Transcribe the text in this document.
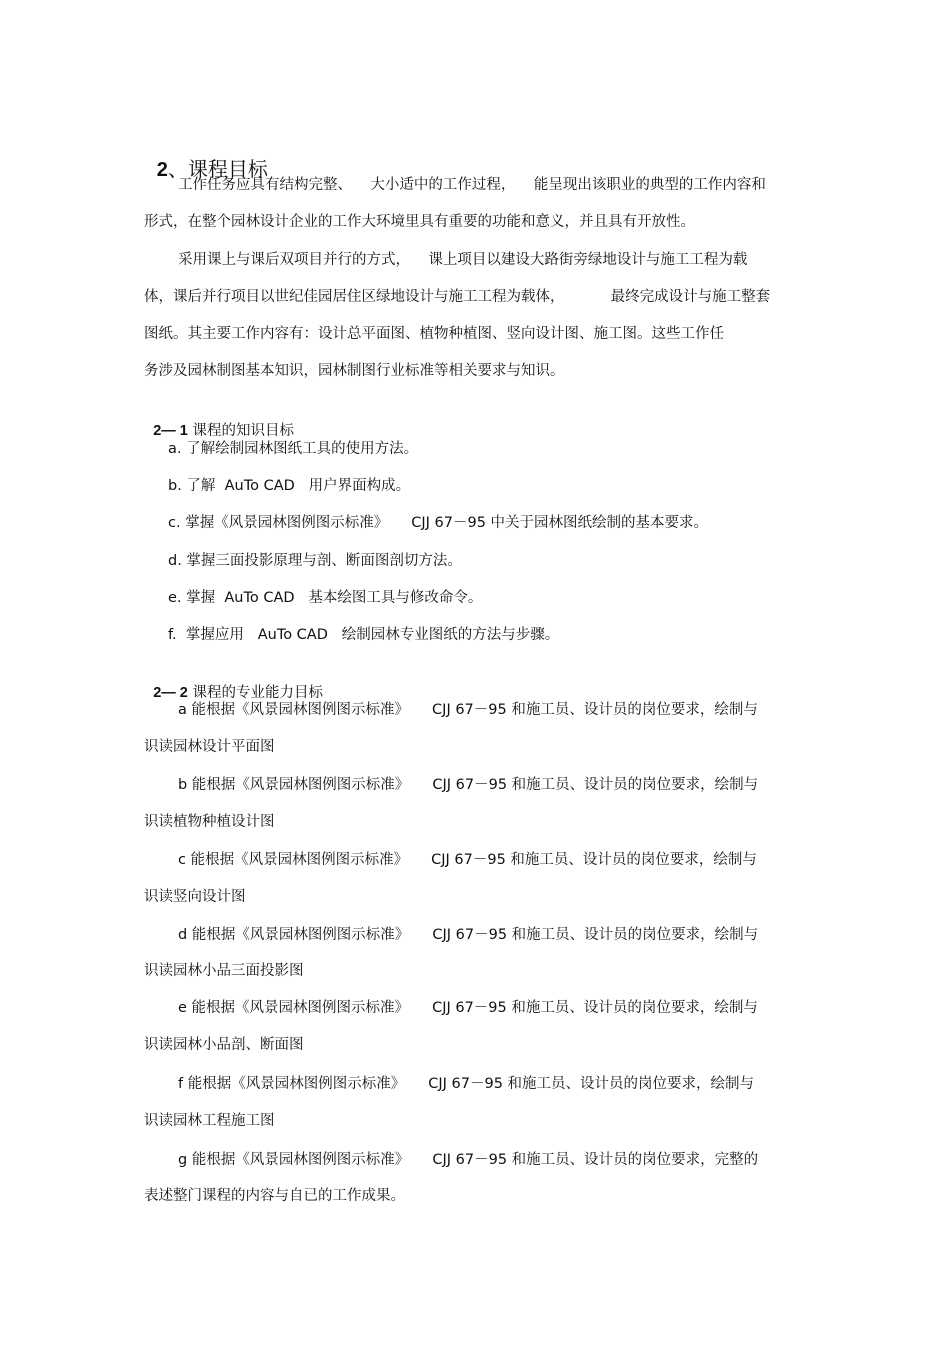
2、课程目标

工作任务应具有结构完整、    大小适中的工作过程，    能呈现出该职业的典型的工作内容和
形式，在整个园林设计企业的工作大环境里具有重要的功能和意义，并且具有开放性。
采用课上与课后双项目并行的方式，    课上项目以建设大路街旁绿地设计与施工工程为载
体，课后并行项目以世纪佳园居住区绿地设计与施工工程为载体，          最终完成设计与施工整套
图纸。其主要工作内容有：设计总平面图、植物种植图、竖向设计图、施工图。这些工作任
务涉及园林制图基本知识，园林制图行业标准等相关要求与知识。

2— 1 课程的知识目标

a. 了解绘制园林图纸工具的使用方法。
b. 了解  AuTo CAD   用户界面构成。
c. 掌握《风景园林图例图示标准》     CJJ 67－95 中关于园林图纸绘制的基本要求。
d. 掌握三面投影原理与剖、断面图剖切方法。
e. 掌握  AuTo CAD   基本绘图工具与修改命令。
f.  掌握应用   AuTo CAD   绘制园林专业图纸的方法与步骤。

2— 2 课程的专业能力目标

a 能根据《风景园林图例图示标准》     CJJ 67－95 和施工员、设计员的岗位要求，绘制与
识读园林设计平面图
b 能根据《风景园林图例图示标准》     CJJ 67－95 和施工员、设计员的岗位要求，绘制与
识读植物种植设计图
c 能根据《风景园林图例图示标准》     CJJ 67－95 和施工员、设计员的岗位要求，绘制与
识读竖向设计图
d 能根据《风景园林图例图示标准》     CJJ 67－95 和施工员、设计员的岗位要求，绘制与
识读园林小品三面投影图
e 能根据《风景园林图例图示标准》     CJJ 67－95 和施工员、设计员的岗位要求，绘制与
识读园林小品剖、断面图
f 能根据《风景园林图例图示标准》     CJJ 67－95 和施工员、设计员的岗位要求，绘制与
识读园林工程施工图
g 能根据《风景园林图例图示标准》     CJJ 67－95 和施工员、设计员的岗位要求，完整的
表述整门课程的内容与自已的工作成果。
